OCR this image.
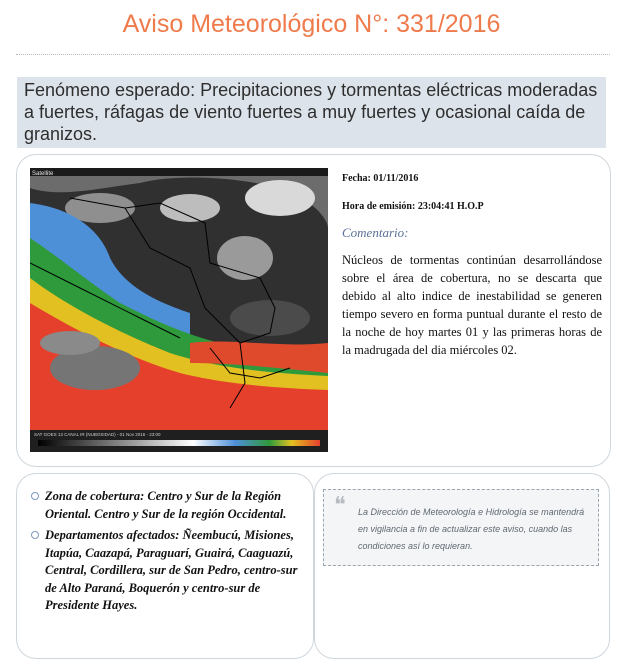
Aviso Meteorológico N°: 331/2016
Fenómeno esperado: Precipitaciones y tormentas eléctricas moderadas a fuertes, ráfagas de viento fuertes a muy fuertes y ocasional caída de granizos.
Satellite
SAT GOES 13 CANAL IR (NUBOSIDAD) - 01 Nov 2016 - 23:00

Fecha: 01/11/2016

Hora de emisión: 23:04:41 H.O.P

Comentario:
Núcleos de tormentas continúan desarrollándose sobre el área de cobertura, no se descarta que debido al alto indice de inestabilidad se generen tiempo severo en forma puntual durante el resto de la noche de hoy martes 01 y las primeras horas de la madrugada del dia miércoles 02.
Zona de cobertura: Centro y Sur de la Región Oriental. Centro y Sur de la región Occidental.
Departamentos afectados: Ñeembucú, Misiones, Itapúa, Caazapá, Paraguarí, Guairá, Caaguazú, Central, Cordillera, sur de San Pedro, centro-sur de Alto Paraná, Boquerón y centro-sur de Presidente Hayes.
❝ La Dirección de Meteorología e Hidrología se mantendrá en vigilancia a fin de actualizar este aviso, cuando las condiciones así lo requieran.
